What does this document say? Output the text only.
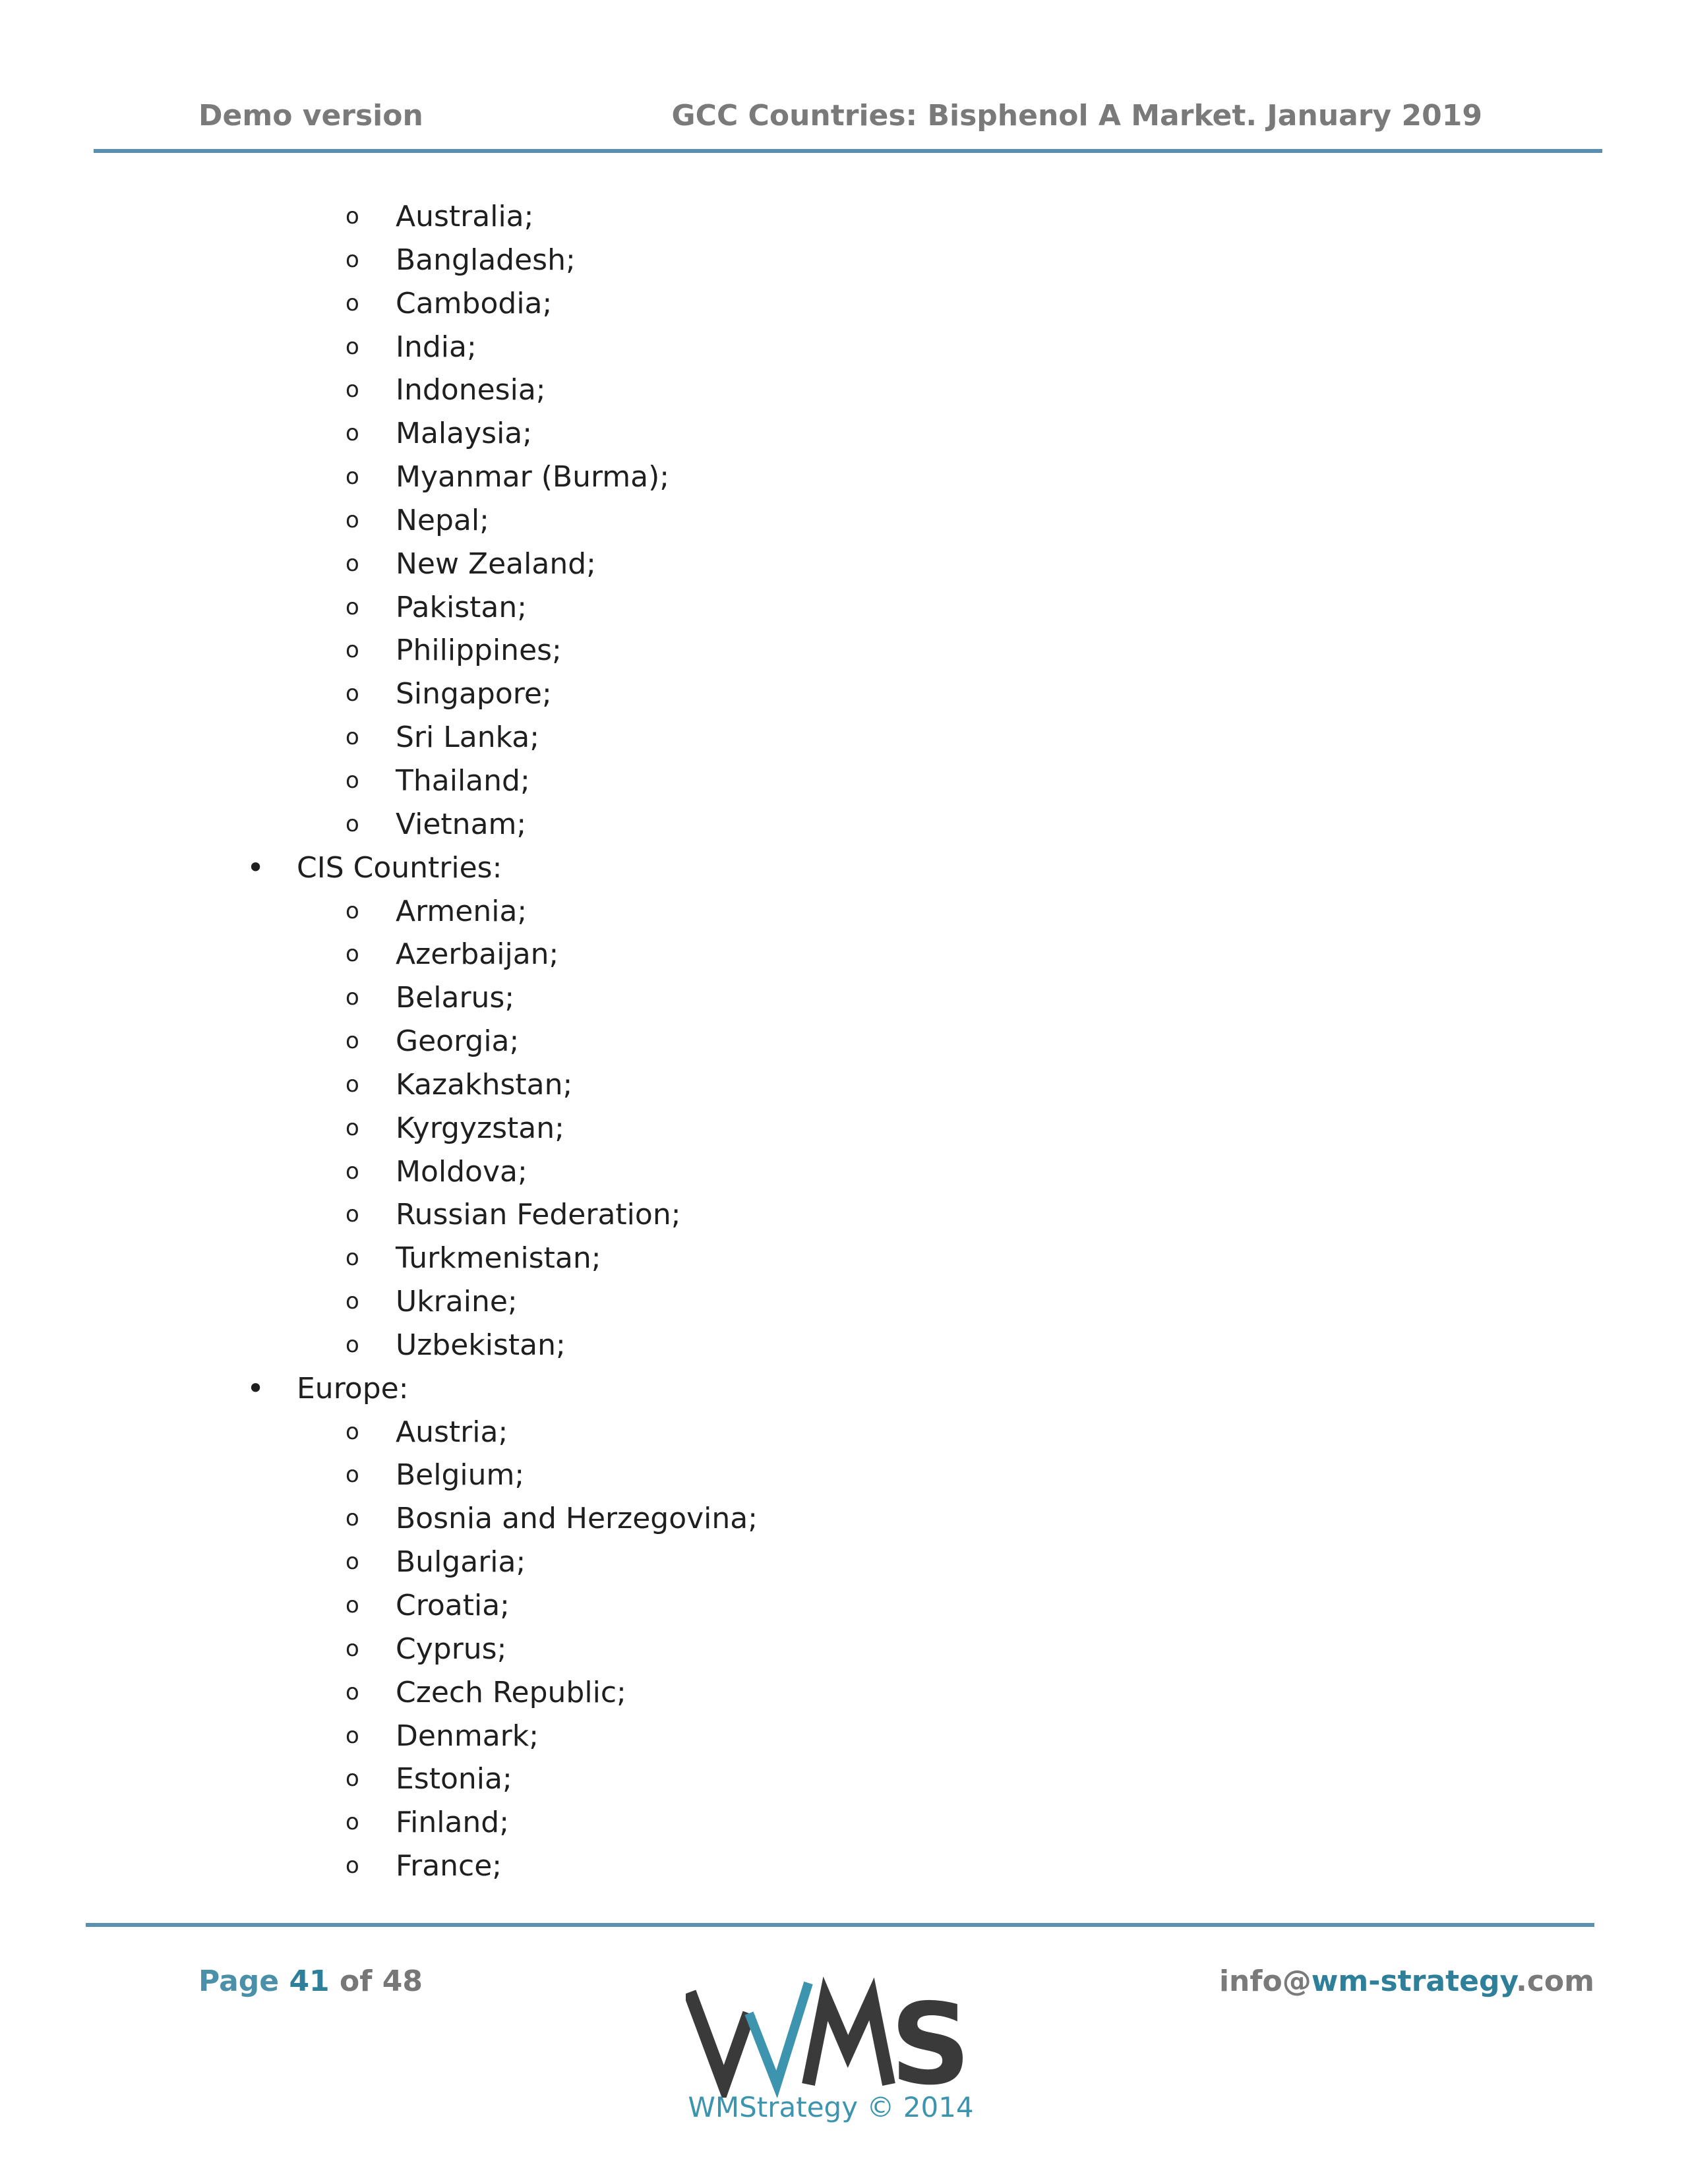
Demo version	GCC Countries: Bisphenol A Market. January 2019
o Australia;
o Bangladesh;
o Cambodia;
o India;
o Indonesia;
o Malaysia;
o Myanmar (Burma);
o Nepal;
o New Zealand;
o Pakistan;
o Philippines;
o Singapore;
o Sri Lanka;
o Thailand;
o Vietnam;
• CIS Countries:
o Armenia;
o Azerbaijan;
o Belarus;
o Georgia;
o Kazakhstan;
o Kyrgyzstan;
o Moldova;
o Russian Federation;
o Turkmenistan;
o Ukraine;
o Uzbekistan;
• Europe:
o Austria;
o Belgium;
o Bosnia and Herzegovina;
o Bulgaria;
o Croatia;
o Cyprus;
o Czech Republic;
o Denmark;
o Estonia;
o Finland;
o France;
Page 41 of 48	S
WMStrategy © 2014
info@wm-strategy.com
